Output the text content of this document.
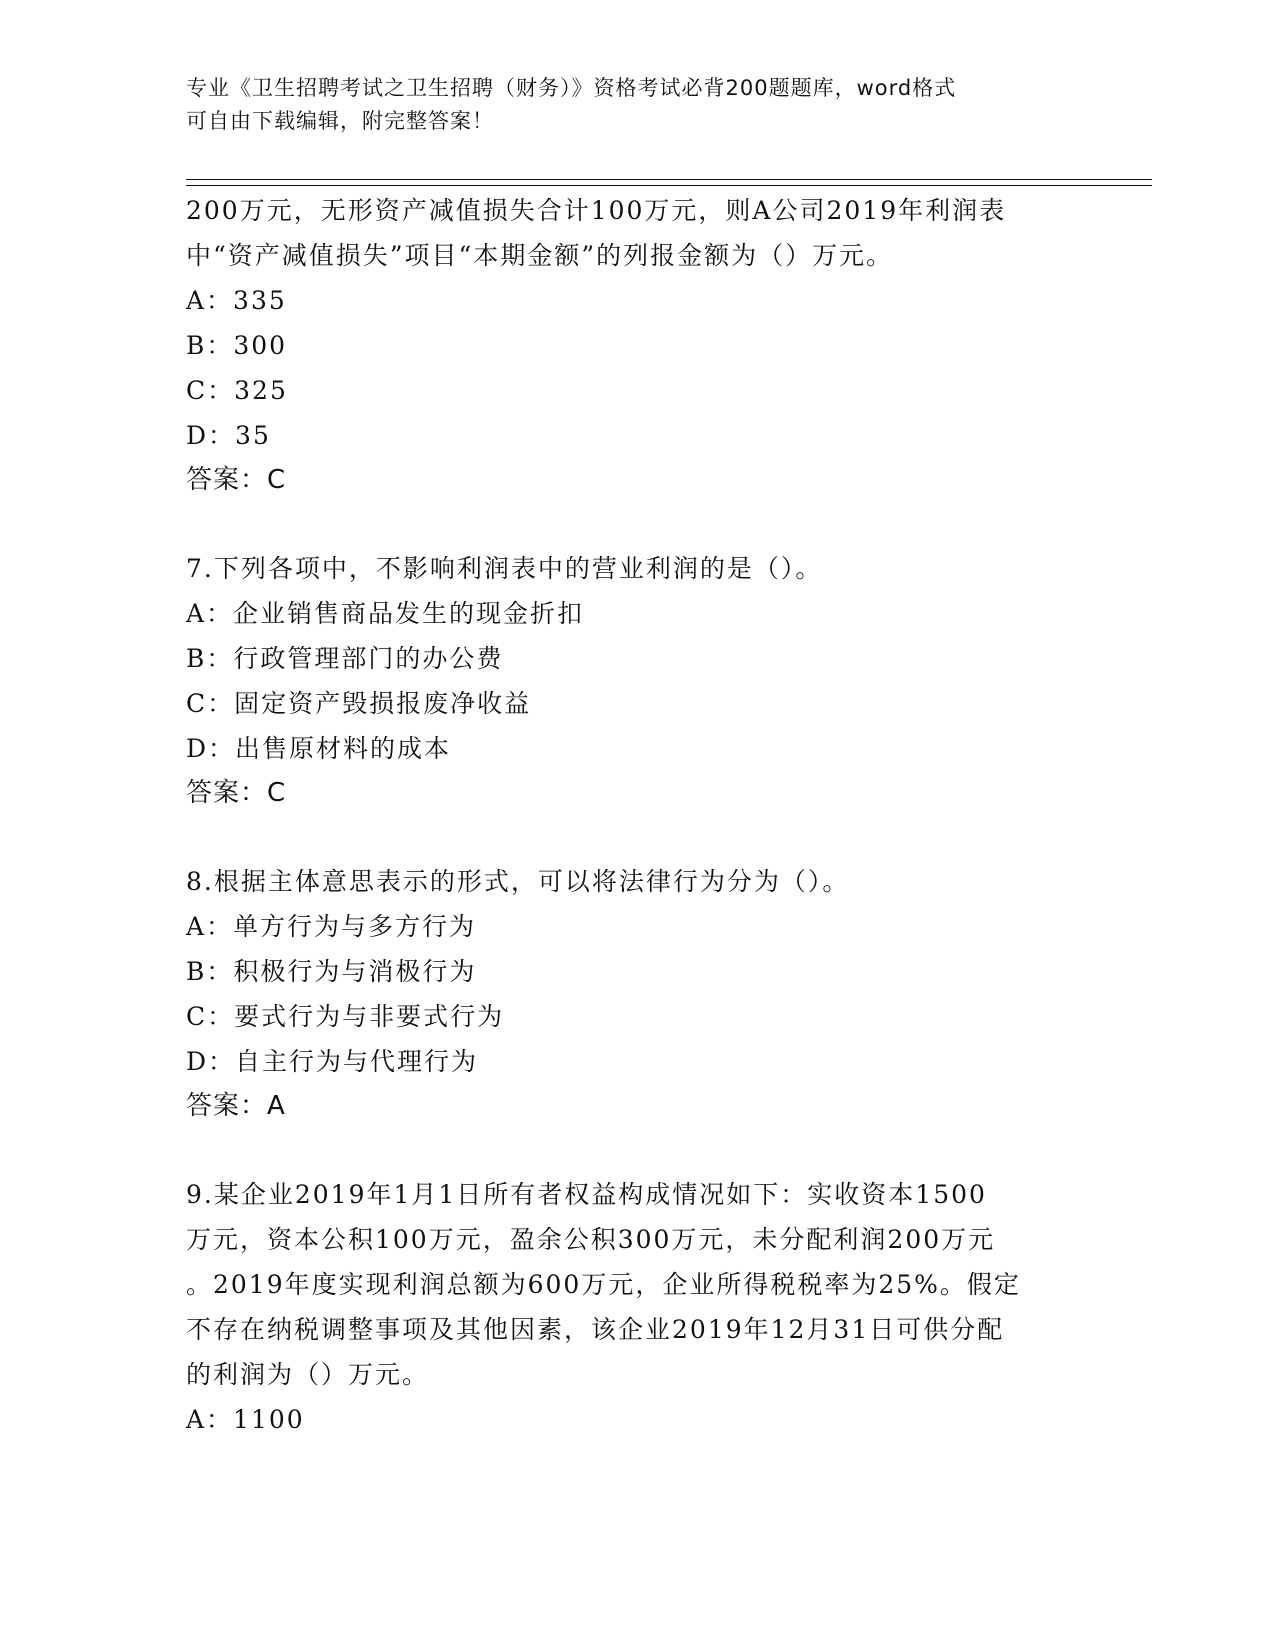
专业《卫生招聘考试之卫生招聘（财务）》资格考试必背200题题库，word格式
可自由下载编辑，附完整答案！
200万元，无形资产减值损失合计100万元，则A公司2019年利润表
中“资产减值损失”项目“本期金额”的列报金额为（）万元。
A：335
B：300
C：325
D：35
答案：C
7.下列各项中，不影响利润表中的营业利润的是（）。
A：企业销售商品发生的现金折扣
B：行政管理部门的办公费
C：固定资产毁损报废净收益
D：出售原材料的成本
答案：C
8.根据主体意思表示的形式，可以将法律行为分为（）。
A：单方行为与多方行为
B：积极行为与消极行为
C：要式行为与非要式行为
D：自主行为与代理行为
答案：A
9.某企业2019年1月1日所有者权益构成情况如下：实收资本1500
万元，资本公积100万元，盈余公积300万元，未分配利润200万元
。2019年度实现利润总额为600万元，企业所得税税率为25%。假定
不存在纳税调整事项及其他因素，该企业2019年12月31日可供分配
的利润为（）万元。
A：1100
